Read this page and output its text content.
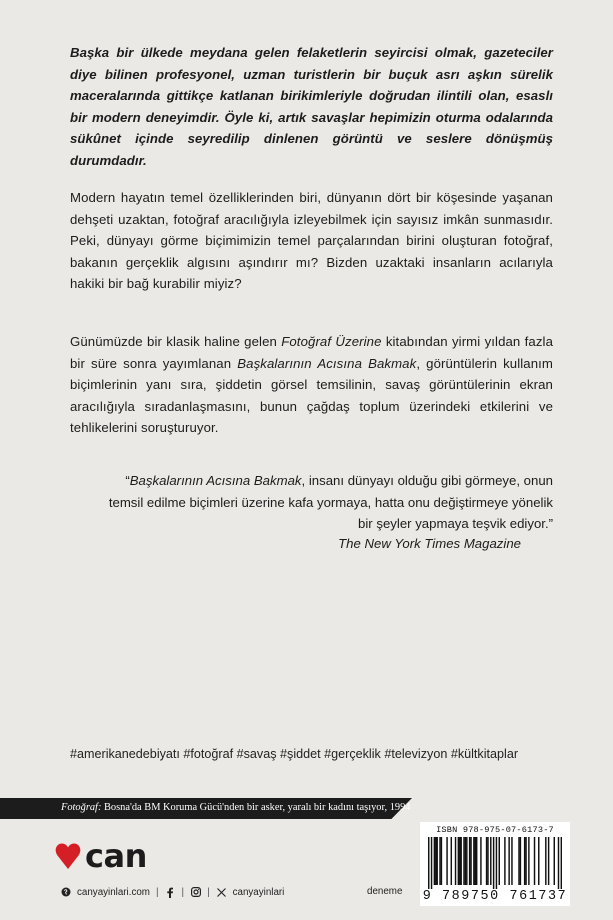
Başka bir ülkede meydana gelen felaketlerin seyircisi olmak, gazeteciler diye bilinen profesyonel, uzman turistlerin bir buçuk asrı aşkın sürelik maceralarında gittikçe katlanan birikimleriyle doğrudan ilintili olan, esaslı bir modern deneyimdir. Öyle ki, artık savaşlar hepimizin oturma odalarında sükûnet içinde seyredilip dinlenen görüntü ve seslere dönüşmüş durumdadır.
Modern hayatın temel özelliklerinden biri, dünyanın dört bir köşesinde yaşanan dehşeti uzaktan, fotoğraf aracılığıyla izleyebilmek için sayısız imkân sunmasıdır. Peki, dünyayı görme biçimimizin temel parçalarından birini oluşturan fotoğraf, bakanın gerçeklik algısını aşındırır mı? Bizden uzaktaki insanların acılarıyla hakiki bir bağ kurabilir miyiz?
Günümüzde bir klasik haline gelen Fotoğraf Üzerine kitabından yirmi yıldan fazla bir süre sonra yayımlanan Başkalarının Acısına Bakmak, görüntülerin kullanım biçimlerinin yanı sıra, şiddetin görsel temsilinin, savaş görüntülerinin ekran aracılığıyla sıradanlaşmasını, bunun çağdaş toplum üzerindeki etkilerini ve tehlikelerini soruşturuyor.
“Başkalarının Acısına Bakmak, insanı dünyayı olduğu gibi görmeye, onun temsil edilme biçimleri üzerine kafa yormaya, hatta onu değiştirmeye yönelik bir şeyler yapmaya teşvik ediyor.”
The New York Times Magazine
#amerikanedebiyatı #fotoğraf #savaş #şiddet #gerçeklik #televizyon #kültkitaplar
Fotoğraf: Bosna'da BM Koruma Gücü'nden bir asker, yaralı bir kadını taşıyor, 1994
can
canyayinlari.com | | | canyayinlari	deneme
ISBN 978-975-07-6173-7
9 789750 761737
